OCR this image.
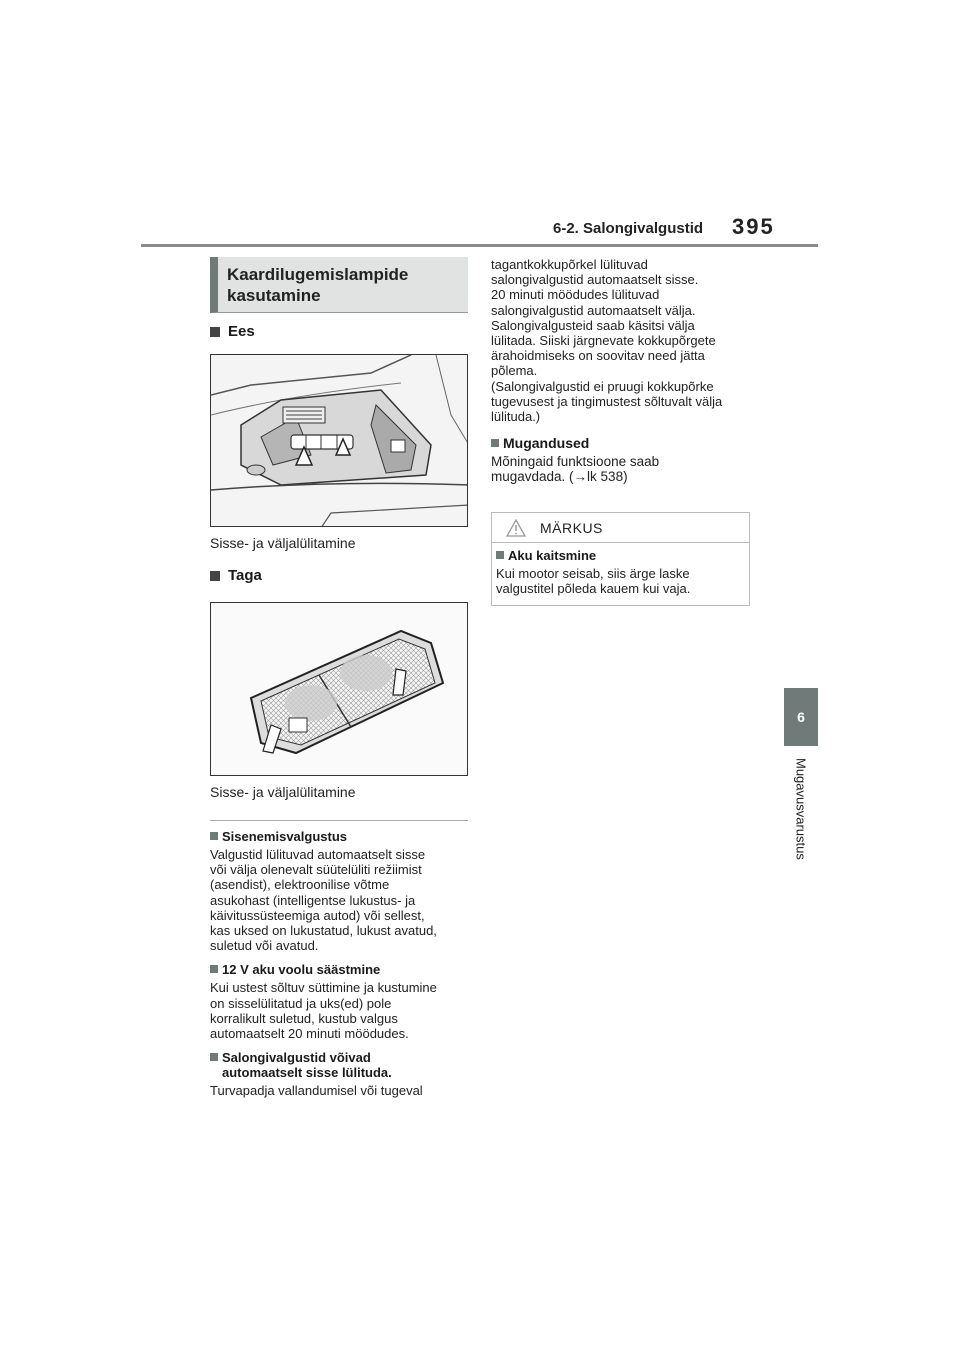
6-2. Salongivalgustid 395
6
Mugavusvarustus
Kaardilugemislampide
kasutamine
Ees
Sisse- ja väljalülitamine
Taga
Sisse- ja väljalülitamine
Sisenemisvalgustus
Valgustid lülituvad automaatselt sisse
või välja olenevalt süütelüliti režiimist
(asendist), elektroonilise võtme
asukohast (intelligentse lukustus- ja
käivitussüsteemiga autod) või sellest,
kas uksed on lukustatud, lukust avatud,
suletud või avatud.
12 V aku voolu säästmine
Kui ustest sõltuv süttimine ja kustumine
on sisselülitatud ja uks(ed) pole
korralikult suletud, kustub valgus
automaatselt 20 minuti möödudes.
Salongivalgustid võivad
automaatselt sisse lülituda.
Turvapadja vallandumisel või tugeval
tagantkokkupõrkel lülituvad
salongivalgustid automaatselt sisse.
20 minuti möödudes lülituvad
salongivalgustid automaatselt välja.
Salongivalgusteid saab käsitsi välja
lülitada. Siiski järgnevate kokkupõrgete
ärahoidmiseks on soovitav need jätta
põlema.
(Salongivalgustid ei pruugi kokkupõrke
tugevusest ja tingimustest sõltuvalt välja
lülituda.)
Mugandused
Mõningaid funktsioone saab
mugavdada. (→lk 538)
MÄRKUS
Aku kaitsmine
Kui mootor seisab, siis ärge laske
valgustitel põleda kauem kui vaja.
